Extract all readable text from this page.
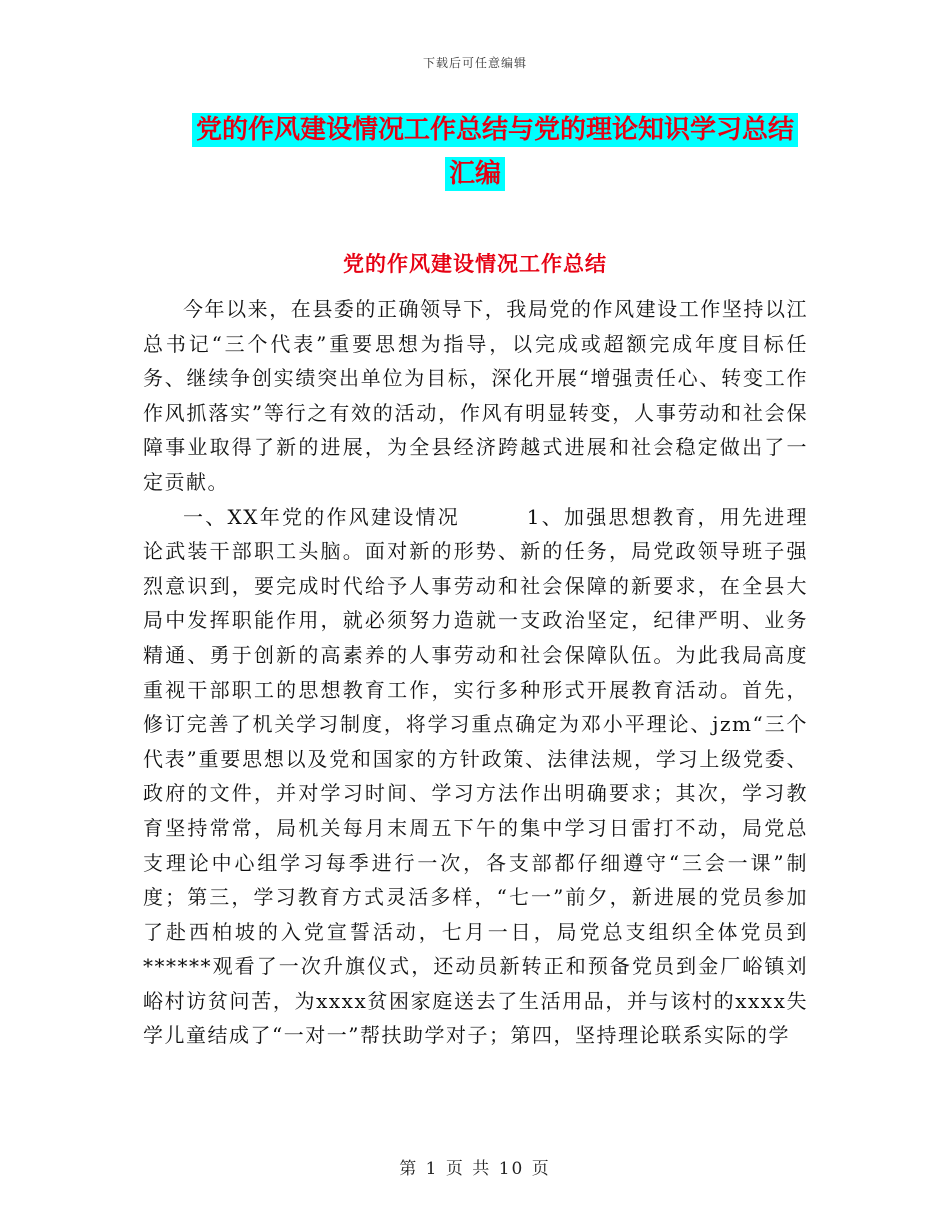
下载后可任意编辑
党的作风建设情况工作总结与党的理论知识学习总结
汇编
党的作风建设情况工作总结

今年以来，在县委的正确领导下，我局党的作风建设工作坚持以江总书记“三个代表”重要思想为指导，以完成或超额完成年度目标任务、继续争创实绩突出单位为目标，深化开展“增强责任心、转变工作作风抓落实”等行之有效的活动，作风有明显转变，人事劳动和社会保障事业取得了新的进展，为全县经济跨越式进展和社会稳定做出了一定贡献。

一、XX年党的作风建设情况　　　1、加强思想教育，用先进理论武装干部职工头脑。面对新的形势、新的任务，局党政领导班子强烈意识到，要完成时代给予人事劳动和社会保障的新要求，在全县大局中发挥职能作用，就必须努力造就一支政治坚定，纪律严明、业务精通、勇于创新的高素养的人事劳动和社会保障队伍。为此我局高度重视干部职工的思想教育工作，实行多种形式开展教育活动。首先，修订完善了机关学习制度，将学习重点确定为邓小平理论、jzm“三个代表”重要思想以及党和国家的方针政策、法律法规，学习上级党委、政府的文件，并对学习时间、学习方法作出明确要求；其次，学习教育坚持常常，局机关每月末周五下午的集中学习日雷打不动，局党总支理论中心组学习每季进行一次，各支部都仔细遵守“三会一课”制度；第三，学习教育方式灵活多样，“七一”前夕，新进展的党员参加了赴西柏坡的入党宣誓活动，七月一日，局党总支组织全体党员到******观看了一次升旗仪式，还动员新转正和预备党员到金厂峪镇刘峪村访贫问苦，为xxxx贫困家庭送去了生活用品，并与该村的xxxx失学儿童结成了“一对一”帮扶助学对子；第四，坚持理论联系实际的学

第 1 页 共 10 页
